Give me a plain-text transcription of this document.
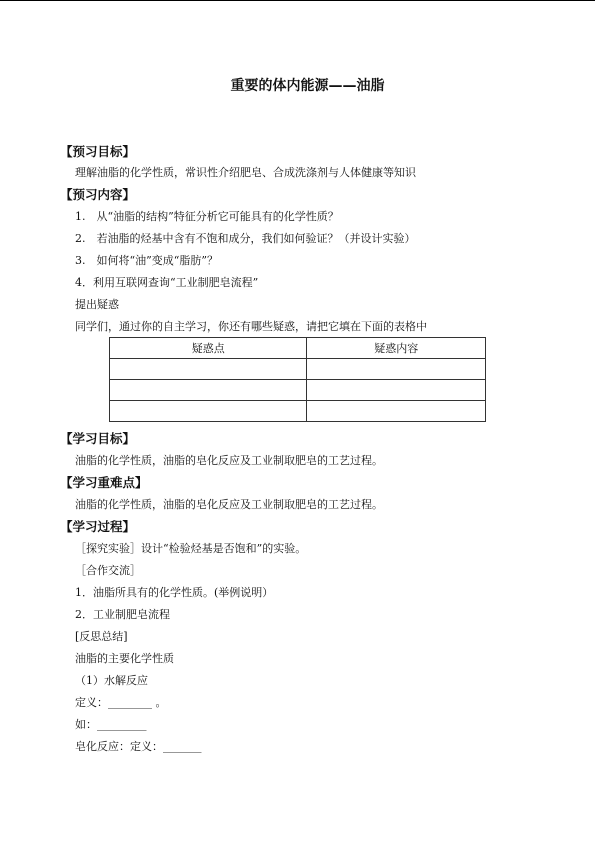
重要的体内能源——油脂
【预习目标】
理解油脂的化学性质，常识性介绍肥皂、合成洗涤剂与人体健康等知识
【预习内容】
1.　从“油脂的结构”特征分析它可能具有的化学性质？
2.　若油脂的烃基中含有不饱和成分，我们如何验证？（并设计实验）
3.　如何将“油”变成“脂肪”？
4．利用互联网查询“工业制肥皂流程”
提出疑惑
同学们，通过你的自主学习，你还有哪些疑惑，请把它填在下面的表格中
疑惑点	疑惑内容

【学习目标】
油脂的化学性质，油脂的皂化反应及工业制取肥皂的工艺过程。
【学习重难点】
油脂的化学性质，油脂的皂化反应及工业制取肥皂的工艺过程。
【学习过程】
［探究实验］设计“检验烃基是否饱和”的实验。
［合作交流］
1．油脂所具有的化学性质。(举例说明）
2．工业制肥皂流程
[反思总结]
油脂的主要化学性质
（1）水解反应
定义：________ 。
如：_________
皂化反应：定义：_______
